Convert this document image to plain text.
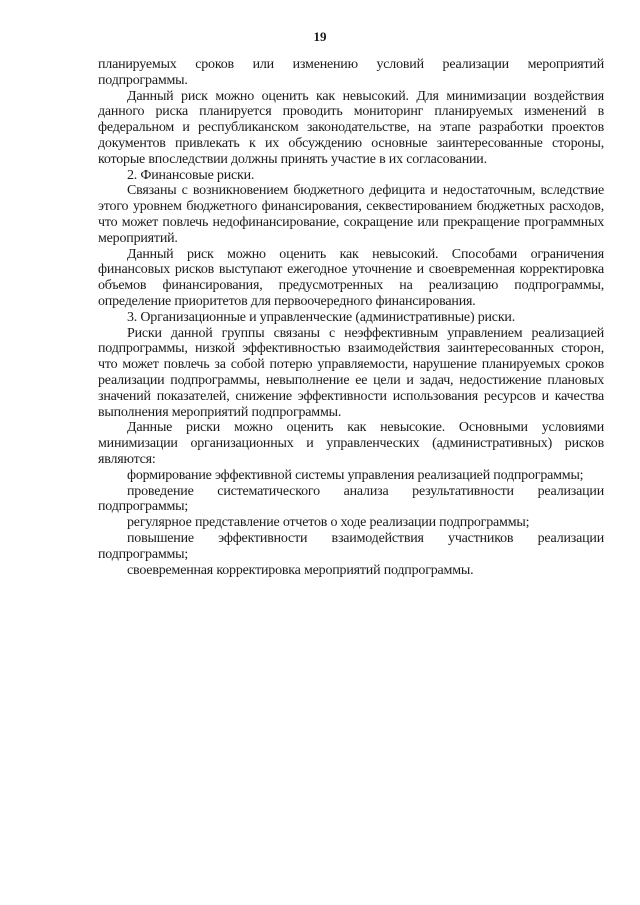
19

планируемых сроков или изменению условий реализации мероприятий подпрограммы.

Данный риск можно оценить как невысокий. Для минимизации воздействия данного риска планируется проводить мониторинг планируемых изменений в федеральном и республиканском законодательстве, на этапе разработки проектов документов привлекать к их обсуждению основные заинтересованные стороны, которые впоследствии должны принять участие в их согласовании.

2. Финансовые риски.

Связаны с возникновением бюджетного дефицита и недостаточным, вследствие этого уровнем бюджетного финансирования, секвестированием бюджетных расходов, что может повлечь недофинансирование, сокращение или прекращение программных мероприятий.

Данный риск можно оценить как невысокий. Способами ограничения финансовых рисков выступают ежегодное уточнение и своевременная корректировка объемов финансирования, предусмотренных на реализацию подпрограммы, определение приоритетов для первоочередного финансирования.

3. Организационные и управленческие (административные) риски.

Риски данной группы связаны с неэффективным управлением реализацией подпрограммы, низкой эффективностью взаимодействия заинтересованных сторон, что может повлечь за собой потерю управляемости, нарушение планируемых сроков реализации подпрограммы, невыполнение ее цели и задач, недостижение плановых значений показателей, снижение эффективности использования ресурсов и качества выполнения мероприятий подпрограммы.

Данные риски можно оценить как невысокие. Основными условиями минимизации организационных и управленческих (административных) рисков являются:

формирование эффективной системы управления реализацией подпрограммы;

проведение систематического анализа результативности реализации подпрограммы;

регулярное представление отчетов о ходе реализации подпрограммы;

повышение эффективности взаимодействия участников реализации подпрограммы;

своевременная корректировка мероприятий подпрограммы.
